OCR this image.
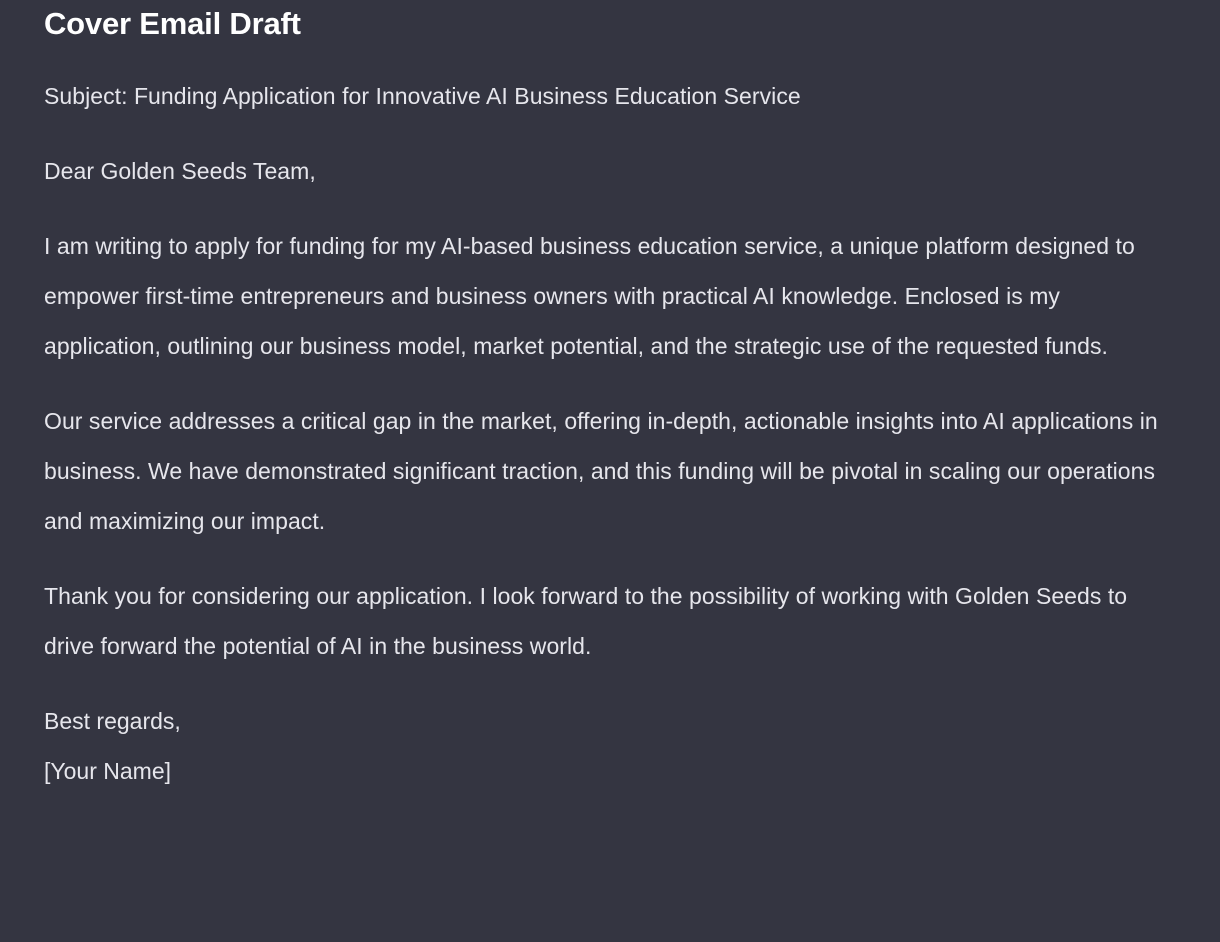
Cover Email Draft

Subject: Funding Application for Innovative AI Business Education Service

Dear Golden Seeds Team,

I am writing to apply for funding for my AI-based business education service, a unique platform designed to empower first-time entrepreneurs and business owners with practical AI knowledge. Enclosed is my application, outlining our business model, market potential, and the strategic use of the requested funds.

Our service addresses a critical gap in the market, offering in-depth, actionable insights into AI applications in business. We have demonstrated significant traction, and this funding will be pivotal in scaling our operations and maximizing our impact.

Thank you for considering our application. I look forward to the possibility of working with Golden Seeds to drive forward the potential of AI in the business world.

Best regards,
[Your Name]
